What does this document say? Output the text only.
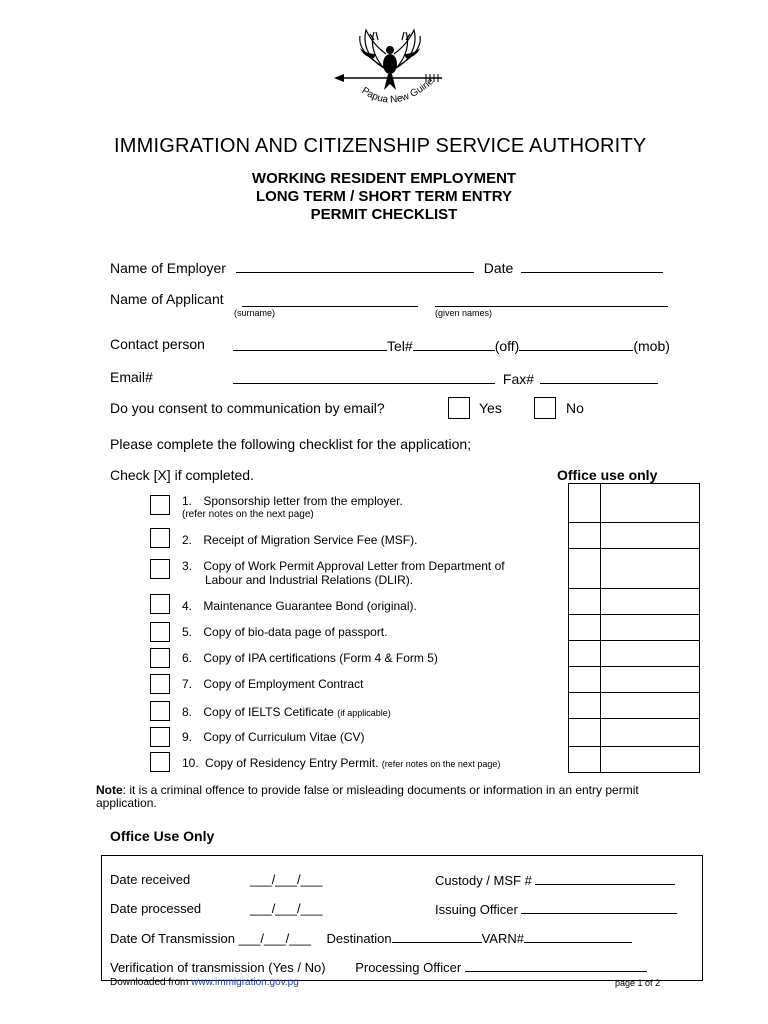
Papua New Guine
IMMIGRATION AND CITIZENSHIP SERVICE AUTHORITY
WORKING RESIDENT EMPLOYMENT
LONG TERM / SHORT TERM ENTRY
PERMIT CHECKLIST
Name of Employer	Date
Name of Applicant
(surname)	(given names)
Contact person	Tel#	(off)	(mob)
Email#	Fax#
Do you consent to communication by email?	Yes	No
Please complete the following checklist for the application;
Check [X] if completed.	Office use only
1. Sponsorship letter from the employer.
(refer notes on the next page)
2. Receipt of Migration Service Fee (MSF).
3. Copy of Work Permit Approval Letter from Department of
Labour and Industrial Relations (DLIR).
4. Maintenance Guarantee Bond (original).
5. Copy of bio-data page of passport.
6. Copy of IPA certifications (Form 4 & Form 5)
7. Copy of Employment Contract
8. Copy of IELTS Cetificate (if applicable)
9. Copy of Curriculum Vitae (CV)
10. Copy of Residency Entry Permit. (refer notes on the next page)
Note: it is a criminal offence to provide false or misleading documents or information in an entry permit
application.
Office Use Only
Date received	___/___/___	Custody / MSF #
Date processed	___/___/___	Issuing Officer
Date Of Transmission ___/___/___ Destination	VARN#
Verification of transmission (Yes / No) Processing Officer
Downloaded from www.immigration.gov.pg	page 1 of 2
